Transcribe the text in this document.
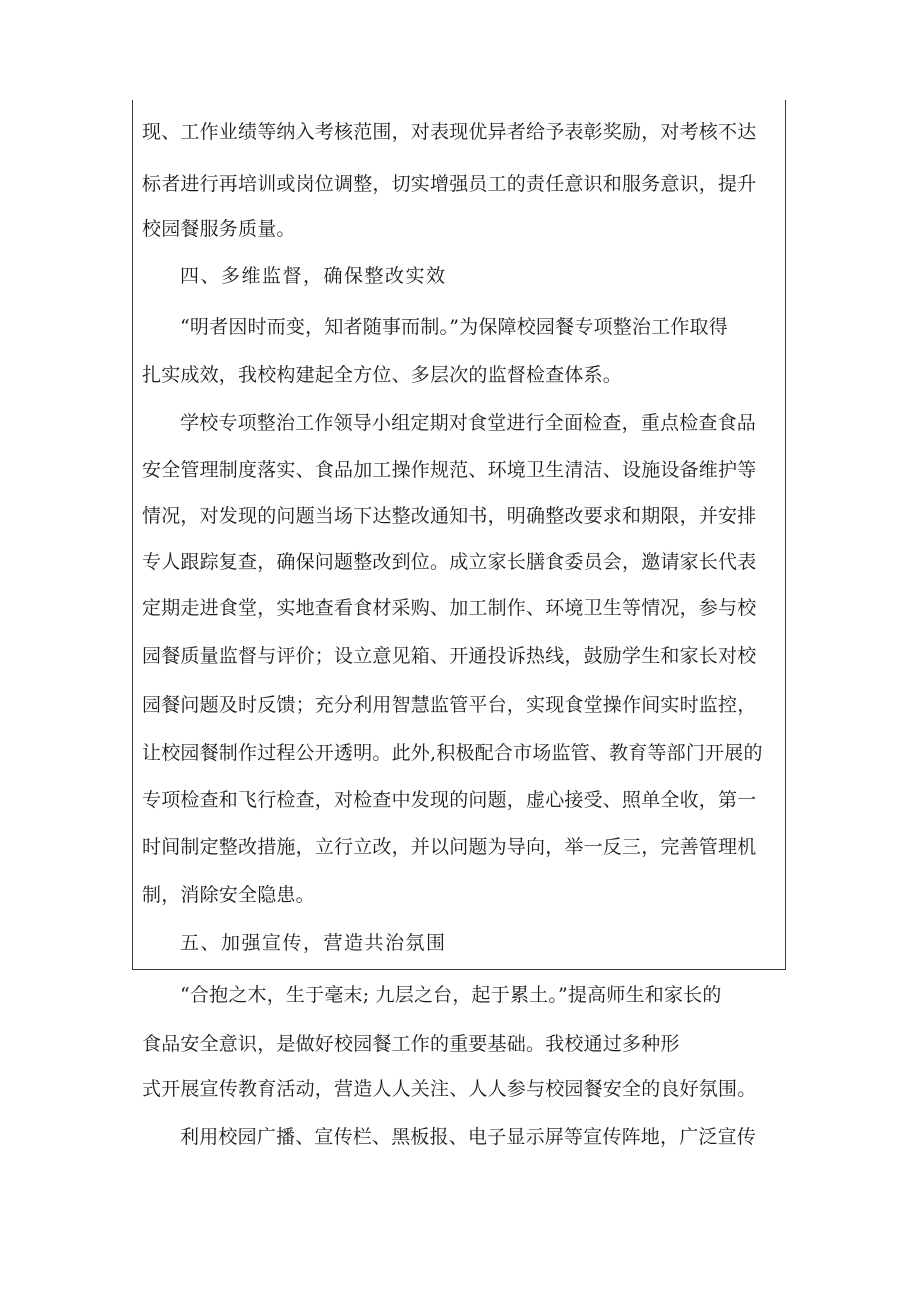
现、工作业绩等纳入考核范围，对表现优异者给予表彰奖励，对考核不达
标者进行再培训或岗位调整，切实增强员工的责任意识和服务意识，提升
校园餐服务质量。
四、多维监督，确保整改实效
“明者因时而变，知者随事而制。”为保障校园餐专项整治工作取得
扎实成效，我校构建起全方位、多层次的监督检查体系。
学校专项整治工作领导小组定期对食堂进行全面检查，重点检查食品
安全管理制度落实、食品加工操作规范、环境卫生清洁、设施设备维护等
情况，对发现的问题当场下达整改通知书，明确整改要求和期限，并安排
专人跟踪复查，确保问题整改到位。成立家长膳食委员会，邀请家长代表
定期走进食堂，实地查看食材采购、加工制作、环境卫生等情况，参与校
园餐质量监督与评价；设立意见箱、开通投诉热线，鼓励学生和家长对校
园餐问题及时反馈；充分利用智慧监管平台，实现食堂操作间实时监控，
让校园餐制作过程公开透明。此外,积极配合市场监管、教育等部门开展的
专项检查和飞行检查，对检查中发现的问题，虚心接受、照单全收，第一
时间制定整改措施，立行立改，并以问题为导向，举一反三，完善管理机
制，消除安全隐患。
五、加强宣传，营造共治氛围
“合抱之木，生于毫末; 九层之台，起于累土。”提高师生和家长的
食品安全意识，是做好校园餐工作的重要基础。我校通过多种形
式开展宣传教育活动，营造人人关注、人人参与校园餐安全的良好氛围。
利用校园广播、宣传栏、黑板报、电子显示屏等宣传阵地，广泛宣传
